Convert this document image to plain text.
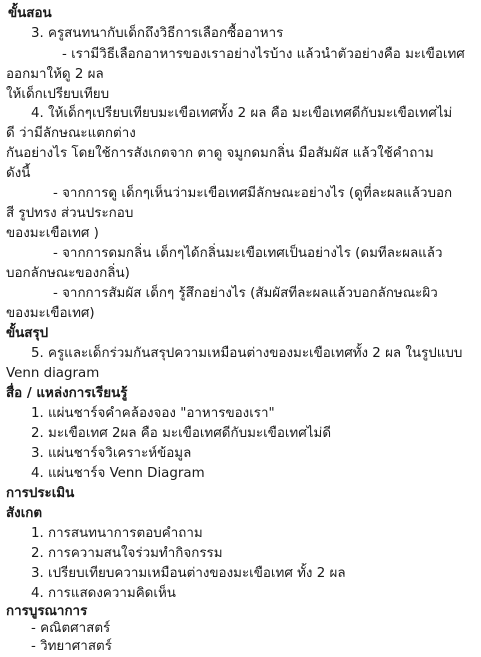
ขั้นสอน
3. ครูสนทนากับเด็กถึงวิธีการเลือกซื้ออาหาร
- เรามีวิธีเลือกอาหารของเราอย่างไรบ้าง แล้วนำตัวอย่างคือ มะเขือเทศ
ออกมาให้ดู 2 ผล
ให้เด็กเปรียบเทียบ
4. ให้เด็กๆเปรียบเทียบมะเขือเทศทั้ง 2 ผล คือ มะเขือเทศดีกับมะเขือเทศไม่
ดี ว่ามีลักษณะแตกต่าง
กันอย่างไร โดยใช้การสังเกตจาก ตาดู จมูกดมกลิ่น มือสัมผัส แล้วใช้คำถาม
ดังนี้
- จากการดู เด็กๆเห็นว่ามะเขือเทศมีลักษณะอย่างไร (ดูที่ละผลแล้วบอก
สี รูปทรง ส่วนประกอบ
ของมะเขือเทศ )
- จากการดมกลิ่น เด็กๆได้กลิ่นมะเขือเทศเป็นอย่างไร (ดมทีละผลแล้ว
บอกลักษณะของกลิ่น)
- จากการสัมผัส เด็กๆ รู้สึกอย่างไร (สัมผัสทีละผลแล้วบอกลักษณะผิว
ของมะเขือเทศ)
ขั้นสรุป
5. ครูและเด็กร่วมกันสรุปความเหมือนต่างของมะเขือเทศทั้ง 2 ผล ในรูปแบบ
Venn diagram
สื่อ / แหล่งการเรียนรู้
1. แผ่นชาร์จคำคล้องจอง "อาหารของเรา"
2. มะเขือเทศ 2ผล คือ มะเขือเทศดีกับมะเขือเทศไม่ดี
3. แผ่นชาร์จวิเคราะห์ข้อมูล
4. แผ่นชาร์จ Venn Diagram
การประเมิน
สังเกต
1. การสนทนาการตอบคำถาม
2. การความสนใจร่วมทำกิจกรรม
3. เปรียบเทียบความเหมือนต่างของมะเขือเทศ ทั้ง 2 ผล
4. การแสดงความคิดเห็น
การบูรณาการ
- คณิตศาสตร์
- วิทยาศาสตร์
